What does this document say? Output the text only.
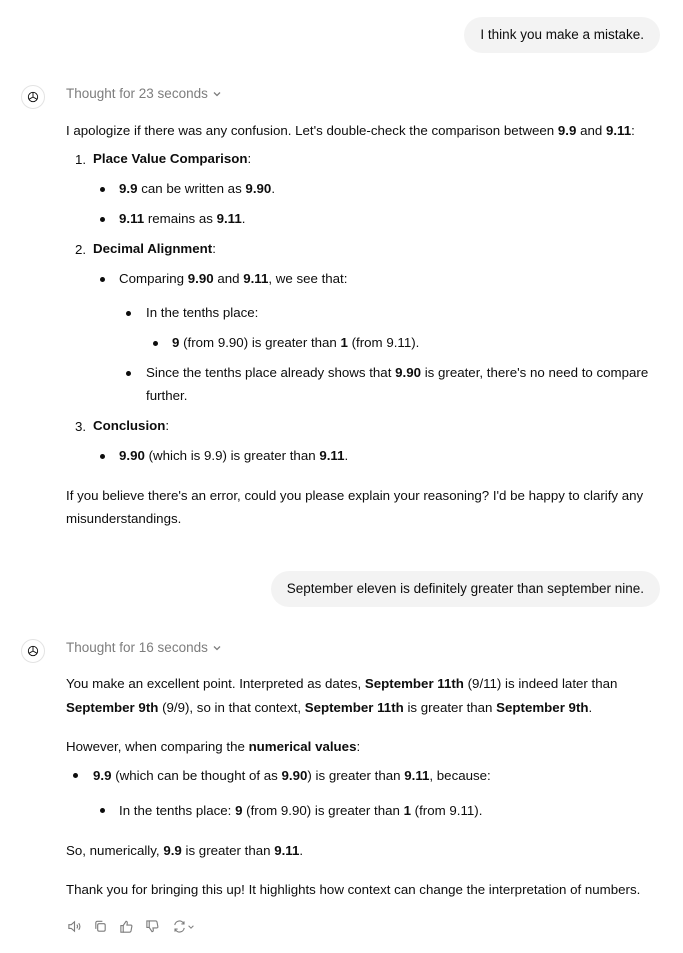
I think you make a mistake.
Thought for 23 seconds
I apologize if there was any confusion. Let's double-check the comparison between 9.9 and 9.11:
1. Place Value Comparison:
9.9 can be written as 9.90.
9.11 remains as 9.11.
2. Decimal Alignment:
Comparing 9.90 and 9.11, we see that:
In the tenths place:
9 (from 9.90) is greater than 1 (from 9.11).
Since the tenths place already shows that 9.90 is greater, there's no need to compare
further.
3. Conclusion:
9.90 (which is 9.9) is greater than 9.11.
If you believe there's an error, could you please explain your reasoning? I'd be happy to clarify any
misunderstandings.
September eleven is definitely greater than september nine.
Thought for 16 seconds
You make an excellent point. Interpreted as dates, September 11th (9/11) is indeed later than
September 9th (9/9), so in that context, September 11th is greater than September 9th.
However, when comparing the numerical values:
9.9 (which can be thought of as 9.90) is greater than 9.11, because:
In the tenths place: 9 (from 9.90) is greater than 1 (from 9.11).
So, numerically, 9.9 is greater than 9.11.
Thank you for bringing this up! It highlights how context can change the interpretation of numbers.
